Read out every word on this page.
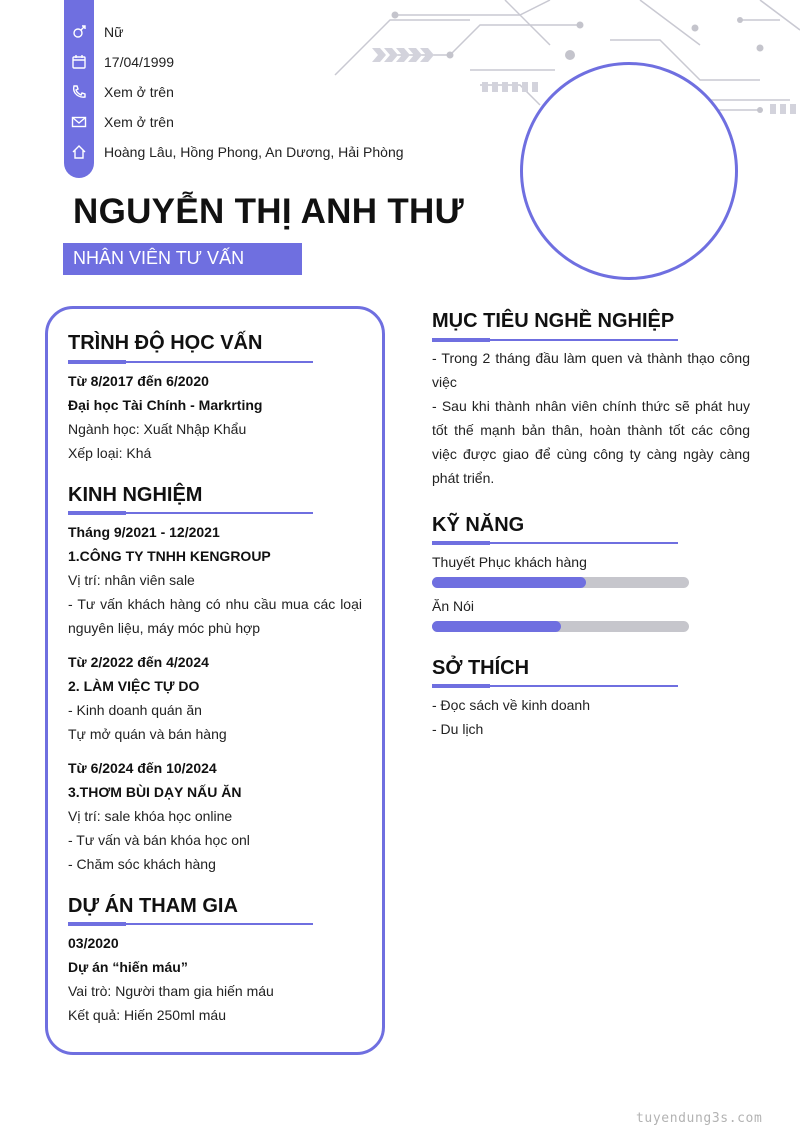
Nữ
17/04/1999
Xem ở trên
Xem ở trên
Hoàng Lâu, Hồng Phong, An Dương, Hải Phòng
NGUYỄN THỊ ANH THƯ
NHÂN VIÊN TƯ VẤN
TRÌNH ĐỘ HỌC VẤN
Từ 8/2017 đến 6/2020
Đại học Tài Chính - Markrting
Ngành học: Xuất Nhập Khẩu
Xếp loại: Khá
KINH NGHIỆM
Tháng 9/2021 - 12/2021
1.CÔNG TY TNHH KENGROUP
Vị trí: nhân viên sale
- Tư vấn khách hàng có nhu cầu mua các loại
nguyên liệu, máy móc phù hợp
Từ 2/2022 đến 4/2024
2. LÀM VIỆC TỰ DO
- Kinh doanh quán ăn
Tự mở quán và bán hàng
Từ 6/2024 đến 10/2024
3.THƠM BÙI DẠY NẤU ĂN
Vị trí: sale khóa học online
- Tư vấn và bán khóa học onl
- Chăm sóc khách hàng
DỰ ÁN THAM GIA
03/2020
Dự án “hiến máu”
Vai trò: Người tham gia hiến máu
Kết quả: Hiến 250ml máu
MỤC TIÊU NGHỀ NGHIỆP
- Trong 2 tháng đầu làm quen và thành thạo công việc
- Sau khi thành nhân viên chính thức sẽ phát huy tốt thế mạnh bản thân, hoàn thành tốt các công việc được giao để cùng công ty càng ngày càng phát triển.
KỸ NĂNG
Thuyết Phục khách hàng
Ăn Nói
SỞ THÍCH
- Đọc sách về kinh doanh
- Du lịch
tuyendung3s.com
